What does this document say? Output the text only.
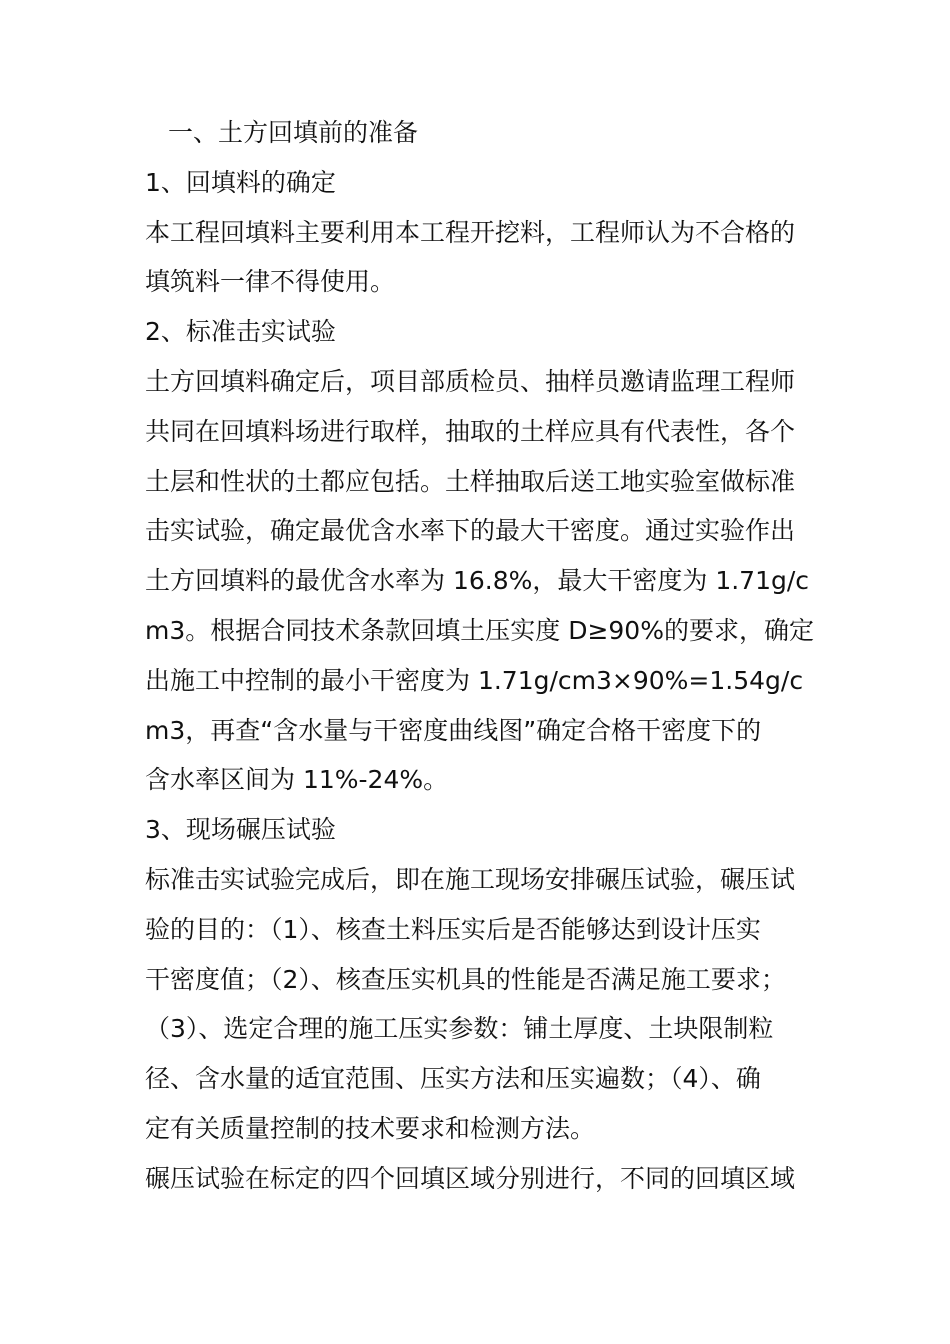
一、土方回填前的准备
1、回填料的确定
本工程回填料主要利用本工程开挖料，工程师认为不合格的
填筑料一律不得使用。
2、标准击实试验
土方回填料确定后，项目部质检员、抽样员邀请监理工程师
共同在回填料场进行取样，抽取的土样应具有代表性，各个
土层和性状的土都应包括。土样抽取后送工地实验室做标准
击实试验，确定最优含水率下的最大干密度。通过实验作出
土方回填料的最优含水率为 16.8%，最大干密度为 1.71g/c
m3。根据合同技术条款回填土压实度 D≥90%的要求，确定
出施工中控制的最小干密度为 1.71g/cm3×90%=1.54g/c
m3，再查“含水量与干密度曲线图”确定合格干密度下的
含水率区间为 11%-24%。
3、现场碾压试验
标准击实试验完成后，即在施工现场安排碾压试验，碾压试
验的目的：（1）、核查土料压实后是否能够达到设计压实
干密度值；（2）、核查压实机具的性能是否满足施工要求；
（3）、选定合理的施工压实参数：铺土厚度、土块限制粒
径、含水量的适宜范围、压实方法和压实遍数；（4）、确
定有关质量控制的技术要求和检测方法。
碾压试验在标定的四个回填区域分别进行，不同的回填区域
